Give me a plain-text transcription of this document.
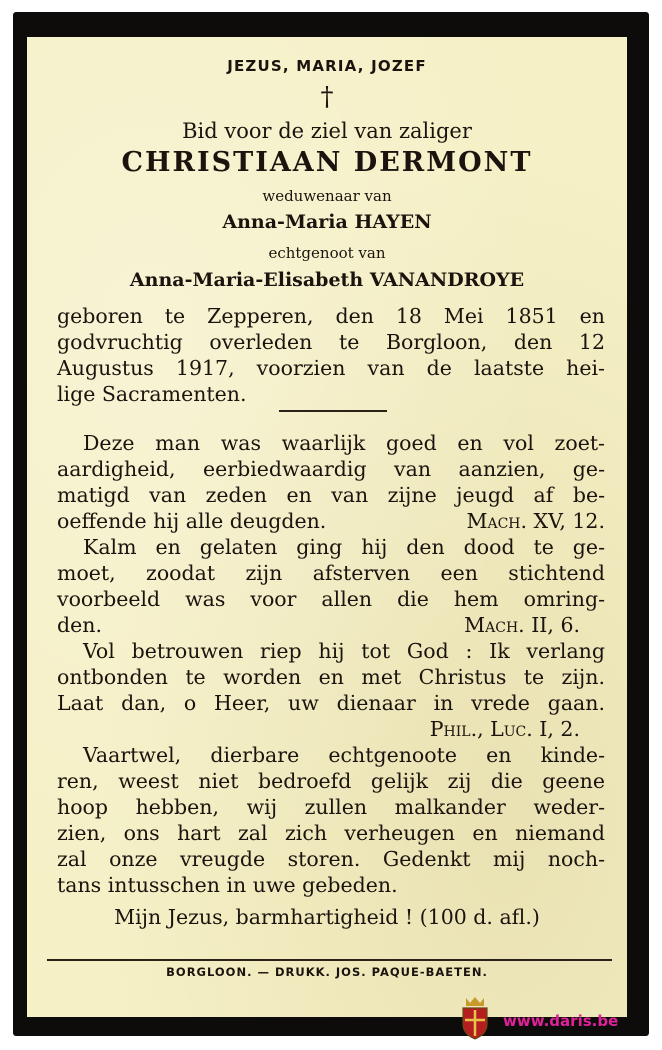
JEZUS, MARIA, JOZEF
†
Bid voor de ziel van zaliger
CHRISTIAAN DERMONT
weduwenaar van
Anna-Maria HAYEN
echtgenoot van
Anna-Maria-Elisabeth VANANDROYE
geboren te Zepperen, den 18 Mei 1851 en
godvruchtig overleden te Borgloon, den 12
Augustus 1917, voorzien van de laatste hei-
lige Sacramenten.
Deze man was waarlijk goed en vol zoet-
aardigheid, eerbiedwaardig van aanzien, ge-
matigd van zeden en van zijne jeugd af be-
oeffende hij alle deugden.	Mach. XV, 12.
Kalm en gelaten ging hij den dood te ge-
moet, zoodat zijn afsterven een stichtend
voorbeeld was voor allen die hem omring-
den.	Mach. II, 6.
Vol betrouwen riep hij tot God : Ik verlang
ontbonden te worden en met Christus te zijn.
Laat dan, o Heer, uw dienaar in vrede gaan.
Phil., Luc. I, 2.
Vaartwel, dierbare echtgenoote en kinde-
ren, weest niet bedroefd gelijk zij die geene
hoop hebben, wij zullen malkander weder-
zien, ons hart zal zich verheugen en niemand
zal onze vreugde storen. Gedenkt mij noch-
tans intusschen in uwe gebeden.
Mijn Jezus, barmhartigheid ! (100 d. afl.)
BORGLOON. — DRUKK. JOS. PAQUE-BAETEN.
www.daris.be
